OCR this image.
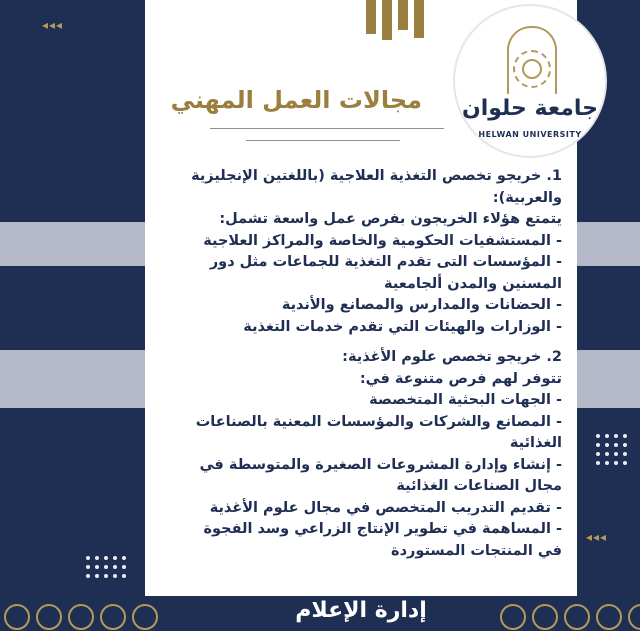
◂◂◂
◂◂◂
جامعة حلوان
HELWAN UNIVERSITY
مجالات العمل المهني

1. خريجو تخصص التغذية العلاجية (باللغتين الإنجليزية والعربية):

يتمتع هؤلاء الخريجون بفرص عمل واسعة تشمل:

- المستشفيات الحكومية والخاصة والمراكز العلاجية

- المؤسسات التى تقدم التغذية للجماعات مثل دور المسنين والمدن ألجامعية

- الحضانات والمدارس والمصانع والأندية

- الوزارات والهيئات التي تقدم خدمات التغذية

2. خريجو تخصص علوم الأغذية:

تتوفر لهم فرص متنوعة في:

- الجهات البحثية المتخصصة

- المصانع والشركات والمؤسسات المعنية بالصناعات الغذائية

- إنشاء وإدارة المشروعات الصغيرة والمتوسطة في مجال الصناعات الغذائية

- تقديم التدريب المتخصص في مجال علوم الأغذية

- المساهمة في تطوير الإنتاج الزراعي وسد الفجوة في المنتجات المستوردة

إدارة الإعلام
